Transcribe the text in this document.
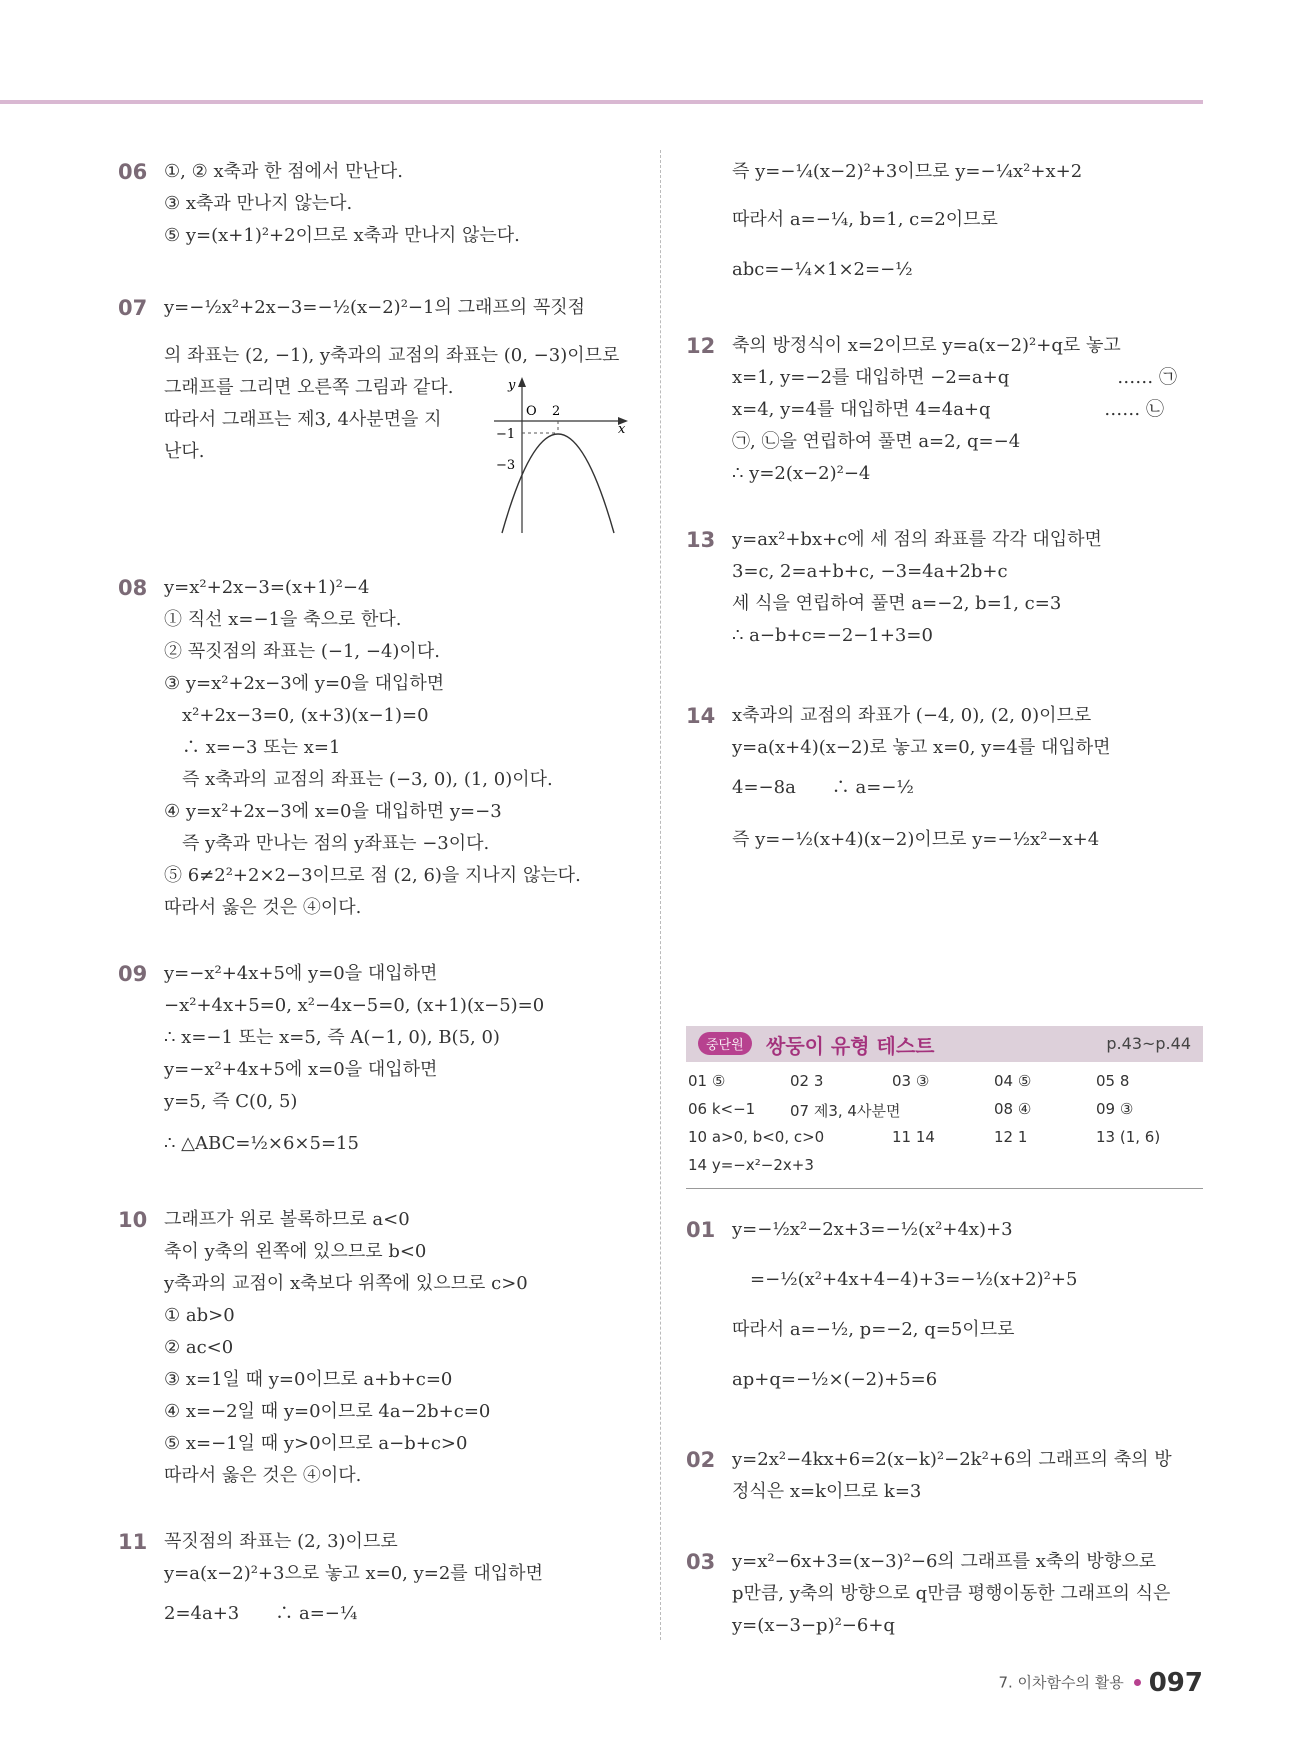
06 ①, ② x축과 한 점에서 만난다.
③ x축과 만나지 않는다.
⑤ y=(x+1)²+2이므로 x축과 만나지 않는다.
07 y=−½x²+2x−3=−½(x−2)²−1의 그래프의 꼭짓점
의 좌표는 (2, −1), y축과의 교점의 좌표는 (0, −3)이므로
그래프를 그리면 오른쪽 그림과 같다.
따라서 그래프는 제3, 4사분면을 지
난다.
y
x
O 2
−1
−3
08 y=x²+2x−3=(x+1)²−4
① 직선 x=−1을 축으로 한다.
② 꼭짓점의 좌표는 (−1, −4)이다.
③ y=x²+2x−3에 y=0을 대입하면
　x²+2x−3=0, (x+3)(x−1)=0
　∴ x=−3 또는 x=1
　즉 x축과의 교점의 좌표는 (−3, 0), (1, 0)이다.
④ y=x²+2x−3에 x=0을 대입하면 y=−3
　즉 y축과 만나는 점의 y좌표는 −3이다.
⑤ 6≠2²+2×2−3이므로 점 (2, 6)을 지나지 않는다.
따라서 옳은 것은 ④이다.
09 y=−x²+4x+5에 y=0을 대입하면
−x²+4x+5=0, x²−4x−5=0, (x+1)(x−5)=0
∴ x=−1 또는 x=5, 즉 A(−1, 0), B(5, 0)
y=−x²+4x+5에 x=0을 대입하면
y=5, 즉 C(0, 5)
∴ △ABC=½×6×5=15
10 그래프가 위로 볼록하므로 a<0
축이 y축의 왼쪽에 있으므로 b<0
y축과의 교점이 x축보다 위쪽에 있으므로 c>0
① ab>0
② ac<0
③ x=1일 때 y=0이므로 a+b+c=0
④ x=−2일 때 y=0이므로 4a−2b+c=0
⑤ x=−1일 때 y>0이므로 a−b+c>0
따라서 옳은 것은 ④이다.
11 꼭짓점의 좌표는 (2, 3)이므로
y=a(x−2)²+3으로 놓고 x=0, y=2를 대입하면
2=4a+3　　∴ a=−¼
즉 y=−¼(x−2)²+3이므로 y=−¼x²+x+2
따라서 a=−¼, b=1, c=2이므로
abc=−¼×1×2=−½
12 축의 방정식이 x=2이므로 y=a(x−2)²+q로 놓고
x=1, y=−2를 대입하면 −2=a+q　　　　　　…… ㉠
x=4, y=4를 대입하면 4=4a+q　　　　　　 …… ㉡
㉠, ㉡을 연립하여 풀면 a=2, q=−4
∴ y=2(x−2)²−4
13 y=ax²+bx+c에 세 점의 좌표를 각각 대입하면
3=c, 2=a+b+c, −3=4a+2b+c
세 식을 연립하여 풀면 a=−2, b=1, c=3
∴ a−b+c=−2−1+3=0
14 x축과의 교점의 좌표가 (−4, 0), (2, 0)이므로
y=a(x+4)(x−2)로 놓고 x=0, y=4를 대입하면
4=−8a　　∴ a=−½
즉 y=−½(x+4)(x−2)이므로 y=−½x²−x+4
중단원	쌍둥이 유형 테스트	p.43~p.44
01 ⑤	02 3	03 ③	04 ⑤	05 8
06 k<−1 07 제3, 4사분면	08 ④	09 ③
10 a>0, b<0, c>0	11 14	12 1	13 (1, 6)
14 y=−x²−2x+3
01 y=−½x²−2x+3=−½(x²+4x)+3
　=−½(x²+4x+4−4)+3=−½(x+2)²+5
따라서 a=−½, p=−2, q=5이므로
ap+q=−½×(−2)+5=6
02 y=2x²−4kx+6=2(x−k)²−2k²+6의 그래프의 축의 방
정식은 x=k이므로 k=3
03 y=x²−6x+3=(x−3)²−6의 그래프를 x축의 방향으로
p만큼, y축의 방향으로 q만큼 평행이동한 그래프의 식은
y=(x−3−p)²−6+q
7. 이차함수의 활용 097
